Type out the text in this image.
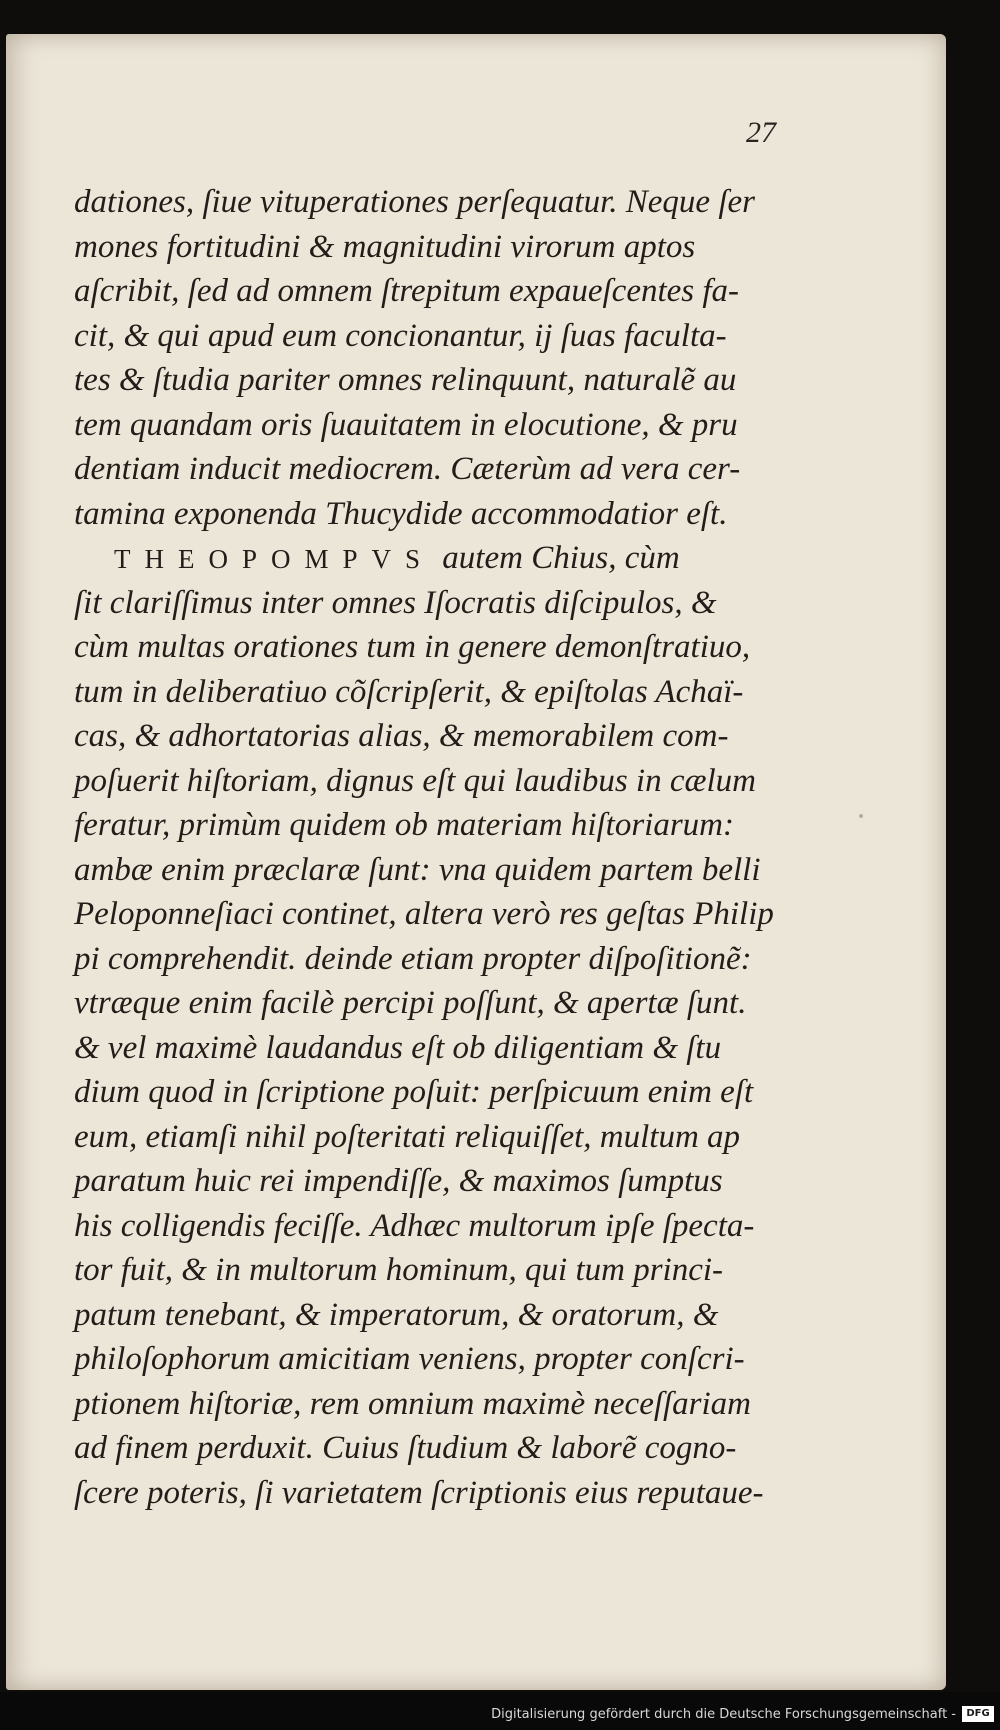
27
dationes, ſiue vituperationes perſequatur. Neque ſer
mones fortitudini & magnitudini virorum aptos
aſcribit, ſed ad omnem ſtrepitum expaueſcentes fa-
cit, & qui apud eum concionantur, ij ſuas faculta-
tes & ſtudia pariter omnes relinquunt, naturalẽ au
tem quandam oris ſuauitatem in elocutione, & pru
dentiam inducit mediocrem. Cæterùm ad vera cer-
tamina exponenda Thucydide accommodatior eſt.
THEOPOMPVS autem Chius, cùm
ſit clariſſimus inter omnes Iſocratis diſcipulos, &
cùm multas orationes tum in genere demonſtratiuo,
tum in deliberatiuo cõſcripſerit, & epiſtolas Achaï-
cas, & adhortatorias alias, & memorabilem com-
poſuerit hiſtoriam, dignus eſt qui laudibus in cælum
feratur, primùm quidem ob materiam hiſtoriarum:
ambæ enim præclaræ ſunt: vna quidem partem belli
Peloponneſiaci continet, altera verò res geſtas Philip
pi comprehendit. deinde etiam propter diſpoſitionẽ:
vtræque enim facilè percipi poſſunt, & apertæ ſunt.
& vel maximè laudandus eſt ob diligentiam & ſtu
dium quod in ſcriptione poſuit: perſpicuum enim eſt
eum, etiamſi nihil poſteritati reliquiſſet, multum ap
paratum huic rei impendiſſe, & maximos ſumptus
his colligendis feciſſe. Adhæc multorum ipſe ſpecta-
tor fuit, & in multorum hominum, qui tum princi-
patum tenebant, & imperatorum, & oratorum, &
philoſophorum amicitiam veniens, propter conſcri-
ptionem hiſtoriæ, rem omnium maximè neceſſariam
ad finem perduxit. Cuius ſtudium & laborẽ cogno-
ſcere poteris, ſi varietatem ſcriptionis eius reputaue-
Digitalisierung gefördert durch die Deutsche Forschungsgemeinschaft -	DFG
